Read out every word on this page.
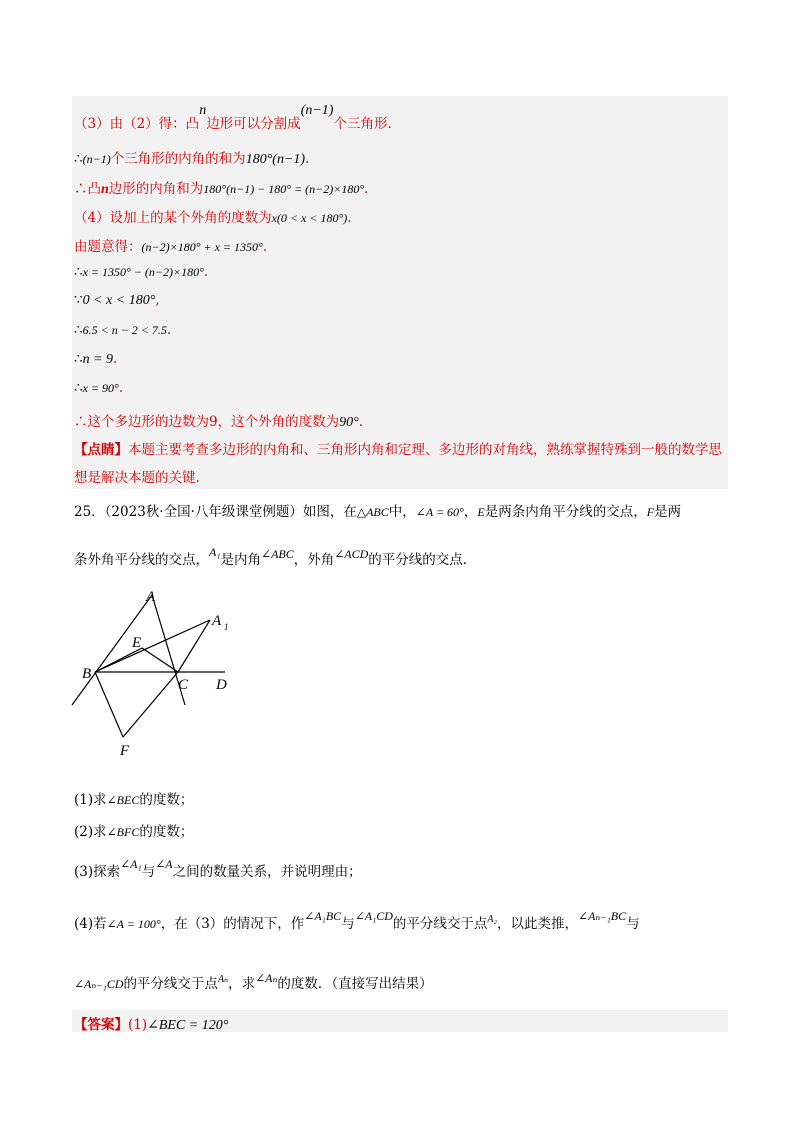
（3）由（2）得：凸n边形可以分割成(n−1)个三角形.
∴(n−1)个三角形的内角的和为180°(n−1).
∴凸n边形的内角和为180°(n−1) − 180° = (n−2)×180°.
（4）设加上的某个外角的度数为x(0 < x < 180°).
由题意得：(n−2)×180° + x = 1350°.
∴x = 1350° − (n−2)×180°.
∵0 < x < 180°,
∴6.5 < n − 2 < 7.5.
∴n = 9.
∴x = 90°.
∴这个多边形的边数为9，这个外角的度数为90°.
【点睛】本题主要考查多边形的内角和、三角形内角和定理、多边形的对角线，熟练掌握特殊到一般的数学思想是解决本题的关键.
25．（2023秋·全国·八年级课堂例题）如图，在△ABC中，∠A = 60°，E是两条内角平分线的交点，F是两
条外角平分线的交点，A₁是内角∠ABC，外角∠ACD的平分线的交点.
A
A 1
E
B
C D
F
(1)求∠BEC的度数；
(2)求∠BFC的度数；
(3)探索∠A₁与∠A之间的数量关系，并说明理由；
(4)若∠A = 100°，在（3）的情况下，作∠A₁BC与∠A₁CD的平分线交于点$^{A_2}$，以此类推，∠Aₙ₋₁BC与
∠Aₙ₋₁CD的平分线交于点$^{A_n}$，求∠Aₙ的度数．（直接写出结果）
【答案】(1)∠BEC = 120°
